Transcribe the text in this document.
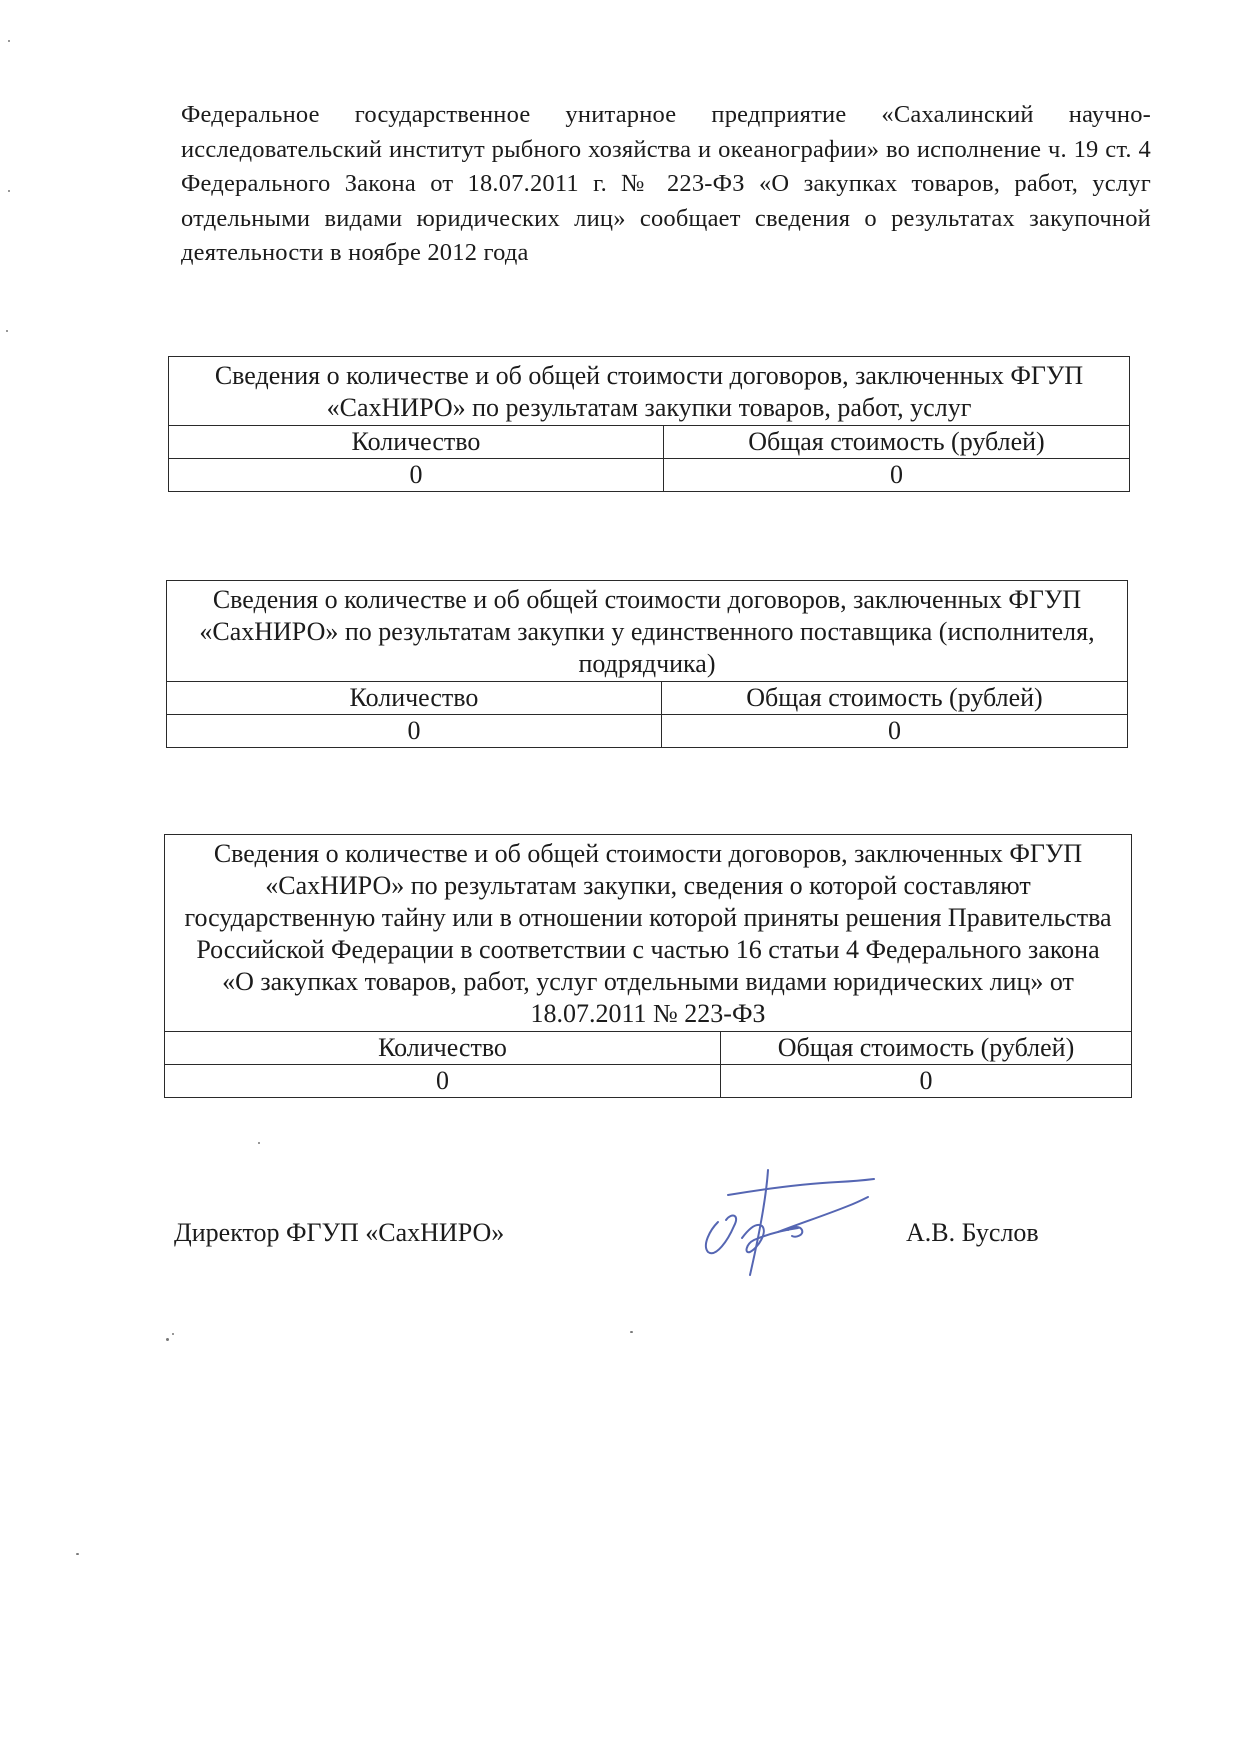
Федеральное государственное унитарное предприятие «Сахалинский научно-исследовательский институт рыбного хозяйства и океанографии» во исполнение ч. 19 ст. 4 Федерального Закона от 18.07.2011 г. № 223-ФЗ «О закупках товаров, работ, услуг отдельными видами юридических лиц» сообщает сведения о результатах закупочной деятельности в ноябре 2012 года

Сведения о количестве и об общей стоимости договоров, заключенных ФГУП «СахНИРО» по результатам закупки товаров, работ, услуг	
Количество	Общая стоимость (рублей)
0	0
Сведения о количестве и об общей стоимости договоров, заключенных ФГУП «СахНИРО» по результатам закупки у единственного поставщика (исполнителя, подрядчика)	
Количество	Общая стоимость (рублей)
0	0
Сведения о количестве и об общей стоимости договоров, заключенных ФГУП «СахНИРО» по результатам закупки, сведения о которой составляют государственную тайну или в отношении которой приняты решения Правительства Российской Федерации в соответствии с частью 16 статьи 4 Федерального закона «О закупках товаров, работ, услуг отдельными видами юридических лиц» от 18.07.2011 № 223-ФЗ	
Количество	Общая стоимость (рублей)
0	0
Директор ФГУП «СахНИРО»	А.В. Буслов
